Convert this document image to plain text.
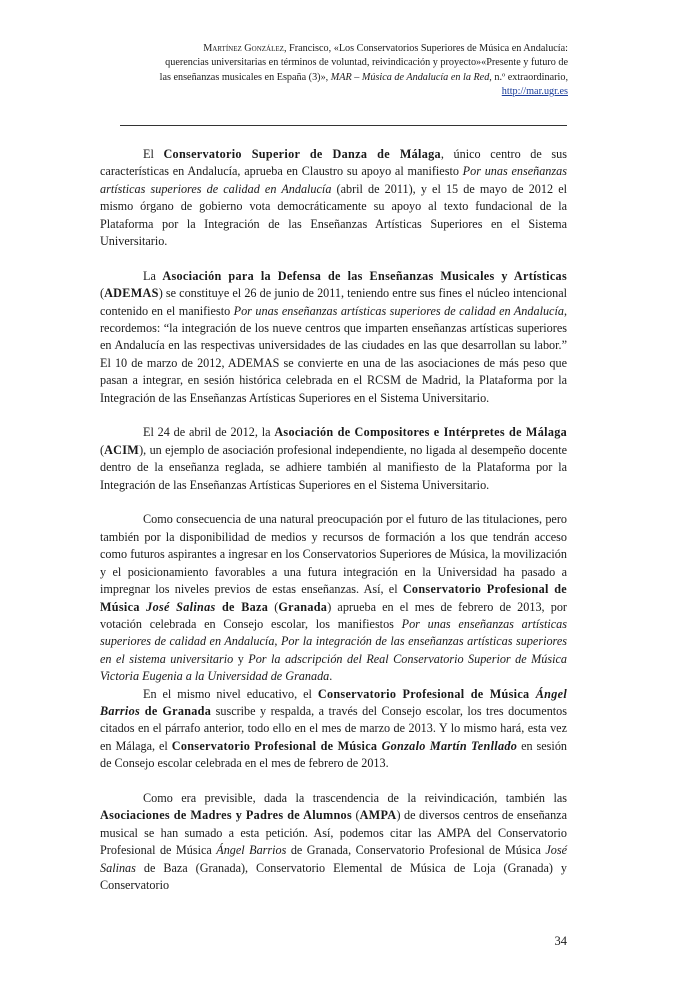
Martínez González, Francisco, «Los Conservatorios Superiores de Música en Andalucía:
querencias universitarias en términos de voluntad, reivindicación y proyecto»«Presente y futuro de
las enseñanzas musicales en España (3)», MAR – Música de Andalucía en la Red, n.º extraordinario,
http://mar.ugr.es

El Conservatorio Superior de Danza de Málaga, único centro de sus características en Andalucía, aprueba en Claustro su apoyo al manifiesto Por unas enseñanzas artísticas superiores de calidad en Andalucía (abril de 2011), y el 15 de mayo de 2012 el mismo órgano de gobierno vota democráticamente su apoyo al texto fundacional de la Plataforma por la Integración de las Enseñanzas Artísticas Superiores en el Sistema Universitario.

La Asociación para la Defensa de las Enseñanzas Musicales y Artísticas (ADEMAS) se constituye el 26 de junio de 2011, teniendo entre sus fines el núcleo intencional contenido en el manifiesto Por unas enseñanzas artísticas superiores de calidad en Andalucía, recordemos: “la integración de los nueve centros que imparten enseñanzas artísticas superiores en Andalucía en las respectivas universidades de las ciudades en las que desarrollan su labor.” El 10 de marzo de 2012, ADEMAS se convierte en una de las asociaciones de más peso que pasan a integrar, en sesión histórica celebrada en el RCSM de Madrid, la Plataforma por la Integración de las Enseñanzas Artísticas Superiores en el Sistema Universitario.

El 24 de abril de 2012, la Asociación de Compositores e Intérpretes de Málaga (ACIM), un ejemplo de asociación profesional independiente, no ligada al desempeño docente dentro de la enseñanza reglada, se adhiere también al manifiesto de la Plataforma por la Integración de las Enseñanzas Artísticas Superiores en el Sistema Universitario.

Como consecuencia de una natural preocupación por el futuro de las titulaciones, pero también por la disponibilidad de medios y recursos de formación a los que tendrán acceso como futuros aspirantes a ingresar en los Conservatorios Superiores de Música, la movilización y el posicionamiento favorables a una futura integración en la Universidad ha pasado a impregnar los niveles previos de estas enseñanzas. Así, el Conservatorio Profesional de Música José Salinas de Baza (Granada) aprueba en el mes de febrero de 2013, por votación celebrada en Consejo escolar, los manifiestos Por unas enseñanzas artísticas superiores de calidad en Andalucía, Por la integración de las enseñanzas artísticas superiores en el sistema universitario y Por la adscripción del Real Conservatorio Superior de Música Victoria Eugenia a la Universidad de Granada.

En el mismo nivel educativo, el Conservatorio Profesional de Música Ángel Barrios de Granada suscribe y respalda, a través del Consejo escolar, los tres documentos citados en el párrafo anterior, todo ello en el mes de marzo de 2013. Y lo mismo hará, esta vez en Málaga, el Conservatorio Profesional de Música Gonzalo Martín Tenllado en sesión de Consejo escolar celebrada en el mes de febrero de 2013.

Como era previsible, dada la trascendencia de la reivindicación, también las Asociaciones de Madres y Padres de Alumnos (AMPA) de diversos centros de enseñanza musical se han sumado a esta petición. Así, podemos citar las AMPA del Conservatorio Profesional de Música Ángel Barrios de Granada, Conservatorio Profesional de Música José Salinas de Baza (Granada), Conservatorio Elemental de Música de Loja (Granada) y Conservatorio

34
